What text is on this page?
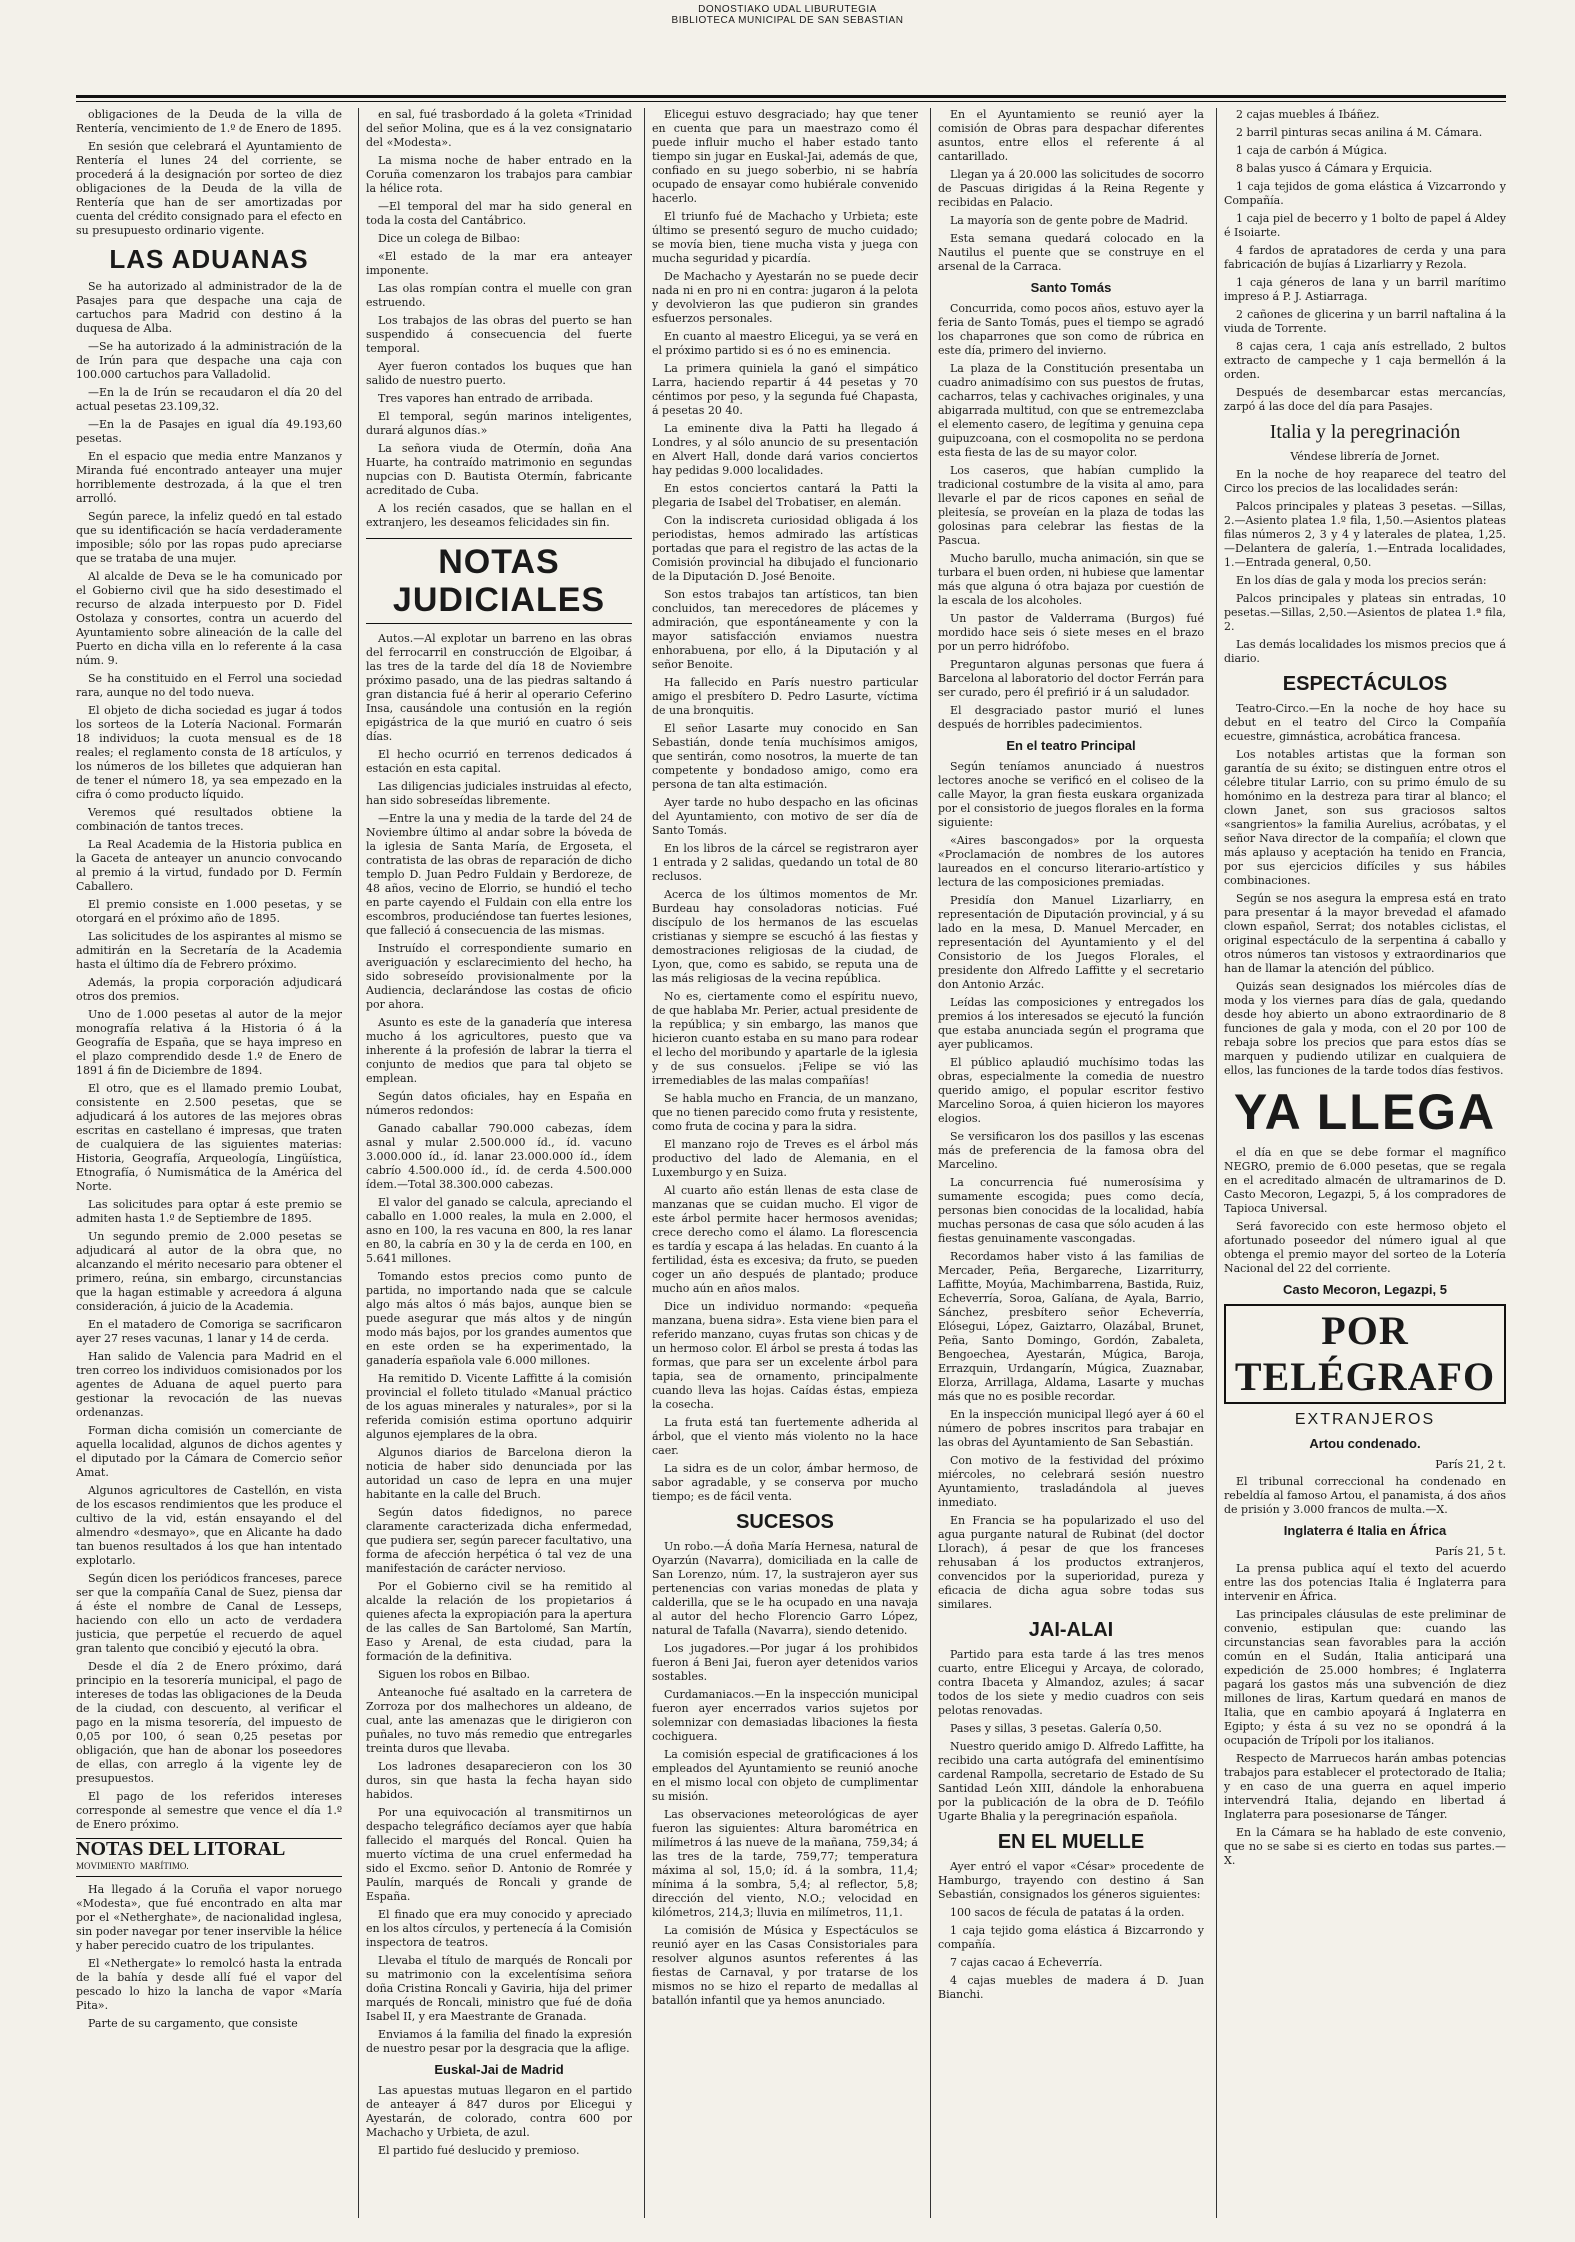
DONOSTIAKO UDAL LIBURUTEGIA
BIBLIOTECA MUNICIPAL DE SAN SEBASTIAN

obligaciones de la Deuda de la villa de Rentería, vencimiento de 1.º de Enero de 1895.

En sesión que celebrará el Ayuntamiento de Rentería el lunes 24 del corriente, se procederá á la designación por sorteo de diez obligaciones de la Deuda de la villa de Rentería que han de ser amortizadas por cuenta del crédito consignado para el efecto en su presupuesto ordinario vigente.

LAS ADUANAS

Se ha autorizado al administrador de la de Pasajes para que despache una caja de cartuchos para Madrid con destino á la duquesa de Alba.

—Se ha autorizado á la administración de la de Irún para que despache una caja con 100.000 cartuchos para Valladolid.

—En la de Irún se recaudaron el día 20 del actual pesetas 23.109,32.

—En la de Pasajes en igual día 49.193,60 pesetas.

En el espacio que media entre Manzanos y Miranda fué encontrado anteayer una mujer horriblemente destrozada, á la que el tren arrolló.

Según parece, la infeliz quedó en tal estado que su identificación se hacía verdaderamente imposible; sólo por las ropas pudo apreciarse que se trataba de una mujer.

Al alcalde de Deva se le ha comunicado por el Gobierno civil que ha sido desestimado el recurso de alzada interpuesto por D. Fidel Ostolaza y consortes, contra un acuerdo del Ayuntamiento sobre alineación de la calle del Puerto en dicha villa en lo referente á la casa núm. 9.

Se ha constituido en el Ferrol una sociedad rara, aunque no del todo nueva.

El objeto de dicha sociedad es jugar á todos los sorteos de la Lotería Nacional. Formarán 18 individuos; la cuota mensual es de 18 reales; el reglamento consta de 18 artículos, y los números de los billetes que adquieran han de tener el número 18, ya sea empezado en la cifra ó como producto líquido.

Veremos qué resultados obtiene la combinación de tantos treces.

La Real Academia de la Historia publica en la Gaceta de anteayer un anuncio convocando al premio á la virtud, fundado por D. Fermín Caballero.

El premio consiste en 1.000 pesetas, y se otorgará en el próximo año de 1895.

Las solicitudes de los aspirantes al mismo se admitirán en la Secretaría de la Academia hasta el último día de Febrero próximo.

Además, la propia corporación adjudicará otros dos premios.

Uno de 1.000 pesetas al autor de la mejor monografía relativa á la Historia ó á la Geografía de España, que se haya impreso en el plazo comprendido desde 1.º de Enero de 1891 á fin de Diciembre de 1894.

El otro, que es el llamado premio Loubat, consistente en 2.500 pesetas, que se adjudicará á los autores de las mejores obras escritas en castellano é impresas, que traten de cualquiera de las siguientes materias: Historia, Geografía, Arqueología, Lingüística, Etnografía, ó Numismática de la América del Norte.

Las solicitudes para optar á este premio se admiten hasta 1.º de Septiembre de 1895.

Un segundo premio de 2.000 pesetas se adjudicará al autor de la obra que, no alcanzando el mérito necesario para obtener el primero, reúna, sin embargo, circunstancias que la hagan estimable y acreedora á alguna consideración, á juicio de la Academia.

En el matadero de Comoriga se sacrificaron ayer 27 reses vacunas, 1 lanar y 14 de cerda.

Han salido de Valencia para Madrid en el tren correo los individuos comisionados por los agentes de Aduana de aquel puerto para gestionar la revocación de las nuevas ordenanzas.

Forman dicha comisión un comerciante de aquella localidad, algunos de dichos agentes y el diputado por la Cámara de Comercio señor Amat.

Algunos agricultores de Castellón, en vista de los escasos rendimientos que les produce el cultivo de la vid, están ensayando el del almendro «desmayo», que en Alicante ha dado tan buenos resultados á los que han intentado explotarlo.

Según dicen los periódicos franceses, parece ser que la compañía Canal de Suez, piensa dar á éste el nombre de Canal de Lesseps, haciendo con ello un acto de verdadera justicia, que perpetúe el recuerdo de aquel gran talento que concibió y ejecutó la obra.

Desde el día 2 de Enero próximo, dará principio en la tesorería municipal, el pago de intereses de todas las obligaciones de la Deuda de la ciudad, con descuento, al verificar el pago en la misma tesorería, del impuesto de 0,05 por 100, ó sean 0,25 pesetas por obligación, que han de abonar los poseedores de ellas, con arreglo á la vigente ley de presupuestos.

El pago de los referidos intereses corresponde al semestre que vence el día 1.º de Enero próximo.

NOTAS DEL LITORAL MOVIMIENTO MARÍTIMO.

Ha llegado á la Coruña el vapor noruego «Modesta», que fué encontrado en alta mar por el «Netherghate», de nacionalidad inglesa, sin poder navegar por tener inservible la hélice y haber perecido cuatro de los tripulantes.

El «Nethergate» lo remolcó hasta la entrada de la bahía y desde allí fué el vapor del pescado lo hizo la lancha de vapor «María Pita».

Parte de su cargamento, que consiste

en sal, fué trasbordado á la goleta «Trinidad del señor Molina, que es á la vez consignatario del «Modesta».

La misma noche de haber entrado en la Coruña comenzaron los trabajos para cambiar la hélice rota.

—El temporal del mar ha sido general en toda la costa del Cantábrico.

Dice un colega de Bilbao:

«El estado de la mar era anteayer imponente.

Las olas rompían contra el muelle con gran estruendo.

Los trabajos de las obras del puerto se han suspendido á consecuencia del fuerte temporal.

Ayer fueron contados los buques que han salido de nuestro puerto.

Tres vapores han entrado de arribada.

El temporal, según marinos inteligentes, durará algunos días.»

La señora viuda de Otermín, doña Ana Huarte, ha contraído matrimonio en segundas nupcias con D. Bautista Otermín, fabricante acreditado de Cuba.

A los recién casados, que se hallan en el extranjero, les deseamos felicidades sin fin.

NOTAS JUDICIALES

Autos.—Al explotar un barreno en las obras del ferrocarril en construcción de Elgoibar, á las tres de la tarde del día 18 de Noviembre próximo pasado, una de las piedras saltando á gran distancia fué á herir al operario Ceferino Insa, causándole una contusión en la región epigástrica de la que murió en cuatro ó seis días.

El hecho ocurrió en terrenos dedicados á estación en esta capital.

Las diligencias judiciales instruidas al efecto, han sido sobreseídas libremente.

—Entre la una y media de la tarde del 24 de Noviembre último al andar sobre la bóveda de la iglesia de Santa María, de Ergoseta, el contratista de las obras de reparación de dicho templo D. Juan Pedro Fuldain y Berdoreze, de 48 años, vecino de Elorrio, se hundió el techo en parte cayendo el Fuldain con ella entre los escombros, produciéndose tan fuertes lesiones, que falleció á consecuencia de las mismas.

Instruído el correspondiente sumario en averiguación y esclarecimiento del hecho, ha sido sobreseído provisionalmente por la Audiencia, declarándose las costas de oficio por ahora.

Asunto es este de la ganadería que interesa mucho á los agricultores, puesto que va inherente á la profesión de labrar la tierra el conjunto de medios que para tal objeto se emplean.

Según datos oficiales, hay en España en números redondos:

Ganado caballar 790.000 cabezas, ídem asnal y mular 2.500.000 íd., íd. vacuno 3.000.000 íd., íd. lanar 23.000.000 íd., ídem cabrío 4.500.000 íd., íd. de cerda 4.500.000 ídem.—Total 38.300.000 cabezas.

El valor del ganado se calcula, apreciando el caballo en 1.000 reales, la mula en 2.000, el asno en 100, la res vacuna en 800, la res lanar en 80, la cabría en 30 y la de cerda en 100, en 5.641 millones.

Tomando estos precios como punto de partida, no importando nada que se calcule algo más altos ó más bajos, aunque bien se puede asegurar que más altos y de ningún modo más bajos, por los grandes aumentos que en este orden se ha experimentado, la ganadería española vale 6.000 millones.

Ha remitido D. Vicente Laffitte á la comisión provincial el folleto titulado «Manual práctico de los aguas minerales y naturales», por si la referida comisión estima oportuno adquirir algunos ejemplares de la obra.

Algunos diarios de Barcelona dieron la noticia de haber sido denunciada por las autoridad un caso de lepra en una mujer habitante en la calle del Bruch.

Según datos fidedignos, no parece claramente caracterizada dicha enfermedad, que pudiera ser, según parecer facultativo, una forma de afección herpética ó tal vez de una manifestación de carácter nervioso.

Por el Gobierno civil se ha remitido al alcalde la relación de los propietarios á quienes afecta la expropiación para la apertura de las calles de San Bartolomé, San Martín, Easo y Arenal, de esta ciudad, para la formación de la definitiva.

Siguen los robos en Bilbao.

Anteanoche fué asaltado en la carretera de Zorroza por dos malhechores un aldeano, de cual, ante las amenazas que le dirigieron con puñales, no tuvo más remedio que entregarles treinta duros que llevaba.

Los ladrones desaparecieron con los 30 duros, sin que hasta la fecha hayan sido habidos.

Por una equivocación al transmitirnos un despacho telegráfico decíamos ayer que había fallecido el marqués del Roncal. Quien ha muerto víctima de una cruel enfermedad ha sido el Excmo. señor D. Antonio de Romrée y Paulín, marqués de Roncali y grande de España.

El finado que era muy conocido y apreciado en los altos círculos, y pertenecía á la Comisión inspectora de teatros.

Llevaba el título de marqués de Roncali por su matrimonio con la excelentísima señora doña Cristina Roncali y Gaviria, hija del primer marqués de Roncali, ministro que fué de doña Isabel II, y era Maestrante de Granada.

Enviamos á la familia del finado la expresión de nuestro pesar por la desgracia que la aflige.

Euskal-Jai de Madrid

Las apuestas mutuas llegaron en el partido de anteayer á 847 duros por Elicegui y Ayestarán, de colorado, contra 600 por Machacho y Urbieta, de azul.

El partido fué deslucido y premioso.

Elicegui estuvo desgraciado; hay que tener en cuenta que para un maestrazo como él puede influir mucho el haber estado tanto tiempo sin jugar en Euskal-Jai, además de que, confiado en su juego soberbio, ni se habría ocupado de ensayar como hubiérale convenido hacerlo.

El triunfo fué de Machacho y Urbieta; este último se presentó seguro de mucho cuidado; se movía bien, tiene mucha vista y juega con mucha seguridad y picardía.

De Machacho y Ayestarán no se puede decir nada ni en pro ni en contra: jugaron á la pelota y devolvieron las que pudieron sin grandes esfuerzos personales.

En cuanto al maestro Elicegui, ya se verá en el próximo partido si es ó no es eminencia.

La primera quiniela la ganó el simpático Larra, haciendo repartir á 44 pesetas y 70 céntimos por peso, y la segunda fué Chapasta, á pesetas 20 40.

La eminente diva la Patti ha llegado á Londres, y al sólo anuncio de su presentación en Alvert Hall, donde dará varios conciertos hay pedidas 9.000 localidades.

En estos conciertos cantará la Patti la plegaria de Isabel del Trobatiser, en alemán.

Con la indiscreta curiosidad obligada á los periodistas, hemos admirado las artísticas portadas que para el registro de las actas de la Comisión provincial ha dibujado el funcionario de la Diputación D. José Benoite.

Son estos trabajos tan artísticos, tan bien concluidos, tan merecedores de plácemes y admiración, que espontáneamente y con la mayor satisfacción enviamos nuestra enhorabuena, por ello, á la Diputación y al señor Benoite.

Ha fallecido en París nuestro particular amigo el presbítero D. Pedro Lasurte, víctima de una bronquitis.

El señor Lasarte muy conocido en San Sebastián, donde tenía muchísimos amigos, que sentirán, como nosotros, la muerte de tan competente y bondadoso amigo, como era persona de tan alta estimación.

Ayer tarde no hubo despacho en las oficinas del Ayuntamiento, con motivo de ser día de Santo Tomás.

En los libros de la cárcel se registraron ayer 1 entrada y 2 salidas, quedando un total de 80 reclusos.

Acerca de los últimos momentos de Mr. Burdeau hay consoladoras noticias. Fué discípulo de los hermanos de las escuelas cristianas y siempre se escuchó á las fiestas y demostraciones religiosas de la ciudad, de Lyon, que, como es sabido, se reputa una de las más religiosas de la vecina república.

No es, ciertamente como el espíritu nuevo, de que hablaba Mr. Perier, actual presidente de la república; y sin embargo, las manos que hicieron cuanto estaba en su mano para rodear el lecho del moribundo y apartarle de la iglesia y de sus consuelos. ¡Felipe se vió las irremediables de las malas compañías!

Se habla mucho en Francia, de un manzano, que no tienen parecido como fruta y resistente, como fruta de cocina y para la sidra.

El manzano rojo de Treves es el árbol más productivo del lado de Alemania, en el Luxemburgo y en Suiza.

Al cuarto año están llenas de esta clase de manzanas que se cuidan mucho. El vigor de este árbol permite hacer hermosos avenidas; crece derecho como el álamo. La florescencia es tardía y escapa á las heladas. En cuanto á la fertilidad, ésta es excesiva; da fruto, se pueden coger un año después de plantado; produce mucho aún en años malos.

Dice un individuo normando: «pequeña manzana, buena sidra». Esta viene bien para el referido manzano, cuyas frutas son chicas y de un hermoso color. El árbol se presta á todas las formas, que para ser un excelente árbol para tapia, sea de ornamento, principalmente cuando lleva las hojas. Caídas éstas, empieza la cosecha.

La fruta está tan fuertemente adherida al árbol, que el viento más violento no la hace caer.

La sidra es de un color, ámbar hermoso, de sabor agradable, y se conserva por mucho tiempo; es de fácil venta.

SUCESOS

Un robo.—Á doña María Hernesa, natural de Oyarzún (Navarra), domiciliada en la calle de San Lorenzo, núm. 17, la sustrajeron ayer sus pertenencias con varias monedas de plata y calderilla, que se le ha ocupado en una navaja al autor del hecho Florencio Garro López, natural de Tafalla (Navarra), siendo detenido.

Los jugadores.—Por jugar á los prohibidos fueron á Beni Jai, fueron ayer detenidos varios sostables.

Curdamaniacos.—En la inspección municipal fueron ayer encerrados varios sujetos por solemnizar con demasiadas libaciones la fiesta cochiguera.

La comisión especial de gratificaciones á los empleados del Ayuntamiento se reunió anoche en el mismo local con objeto de cumplimentar su misión.

Las observaciones meteorológicas de ayer fueron las siguientes: Altura barométrica en milímetros á las nueve de la mañana, 759,34; á las tres de la tarde, 759,77; temperatura máxima al sol, 15,0; íd. á la sombra, 11,4; mínima á la sombra, 5,4; al reflector, 5,8; dirección del viento, N.O.; velocidad en kilómetros, 214,3; lluvia en milímetros, 11,1.

La comisión de Música y Espectáculos se reunió ayer en las Casas Consistoriales para resolver algunos asuntos referentes á las fiestas de Carnaval, y por tratarse de los mismos no se hizo el reparto de medallas al batallón infantil que ya hemos anunciado.

En el Ayuntamiento se reunió ayer la comisión de Obras para despachar diferentes asuntos, entre ellos el referente á al cantarillado.

Llegan ya á 20.000 las solicitudes de socorro de Pascuas dirigidas á la Reina Regente y recibidas en Palacio.

La mayoría son de gente pobre de Madrid.

Esta semana quedará colocado en la Nautilus el puente que se construye en el arsenal de la Carraca.

Santo Tomás

Concurrida, como pocos años, estuvo ayer la feria de Santo Tomás, pues el tiempo se agradó los chaparrones que son como de rúbrica en este día, primero del invierno.

La plaza de la Constitución presentaba un cuadro animadísimo con sus puestos de frutas, cacharros, telas y cachivaches originales, y una abigarrada multitud, con que se entremezclaba el elemento casero, de legítima y genuina cepa guipuzcoana, con el cosmopolita no se perdona esta fiesta de las de su mayor color.

Los caseros, que habían cumplido la tradicional costumbre de la visita al amo, para llevarle el par de ricos capones en señal de pleitesía, se proveían en la plaza de todas las golosinas para celebrar las fiestas de la Pascua.

Mucho barullo, mucha animación, sin que se turbara el buen orden, ni hubiese que lamentar más que alguna ó otra bajaza por cuestión de la escala de los alcoholes.

Un pastor de Valderrama (Burgos) fué mordido hace seis ó siete meses en el brazo por un perro hidrófobo.

Preguntaron algunas personas que fuera á Barcelona al laboratorio del doctor Ferrán para ser curado, pero él prefirió ir á un saludador.

El desgraciado pastor murió el lunes después de horribles padecimientos.

En el teatro Principal

Según teníamos anunciado á nuestros lectores anoche se verificó en el coliseo de la calle Mayor, la gran fiesta euskara organizada por el consistorio de juegos florales en la forma siguiente:

«Aires bascongados» por la orquesta «Proclamación de nombres de los autores laureados en el concurso literario-artístico y lectura de las composiciones premiadas.

Presidía don Manuel Lizarliarry, en representación de Diputación provincial, y á su lado en la mesa, D. Manuel Mercader, en representación del Ayuntamiento y el del Consistorio de los Juegos Florales, el presidente don Alfredo Laffitte y el secretario don Antonio Arzác.

Leídas las composiciones y entregados los premios á los interesados se ejecutó la función que estaba anunciada según el programa que ayer publicamos.

El público aplaudió muchísimo todas las obras, especialmente la comedia de nuestro querido amigo, el popular escritor festivo Marcelino Soroa, á quien hicieron los mayores elogios.

Se versificaron los dos pasillos y las escenas más de preferencia de la famosa obra del Marcelino.

La concurrencia fué numerosísima y sumamente escogida; pues como decía, personas bien conocidas de la localidad, había muchas personas de casa que sólo acuden á las fiestas genuinamente vascongadas.

Recordamos haber visto á las familias de Mercader, Peña, Bergareche, Lizarriturry, Laffitte, Moyúa, Machimbarrena, Bastida, Ruiz, Echeverría, Soroa, Galíana, de Ayala, Barrio, Sánchez, presbítero señor Echeverría, Elósegui, López, Gaiztarro, Olazábal, Brunet, Peña, Santo Domingo, Gordón, Zabaleta, Bengoechea, Ayestarán, Múgica, Baroja, Errazquin, Urdangarín, Múgica, Zuaznabar, Elorza, Arrillaga, Aldama, Lasarte y muchas más que no es posible recordar.

En la inspección municipal llegó ayer á 60 el número de pobres inscritos para trabajar en las obras del Ayuntamiento de San Sebastián.

Con motivo de la festividad del próximo miércoles, no celebrará sesión nuestro Ayuntamiento, trasladándola al jueves inmediato.

En Francia se ha popularizado el uso del agua purgante natural de Rubinat (del doctor Llorach), á pesar de que los franceses rehusaban á los productos extranjeros, convencidos por la superioridad, pureza y eficacia de dicha agua sobre todas sus similares.

JAI-ALAI

Partido para esta tarde á las tres menos cuarto, entre Elicegui y Arcaya, de colorado, contra Ibaceta y Almandoz, azules; á sacar todos de los siete y medio cuadros con seis pelotas renovadas.

Pases y sillas, 3 pesetas. Galería 0,50.

Nuestro querido amigo D. Alfredo Laffitte, ha recibido una carta autógrafa del eminentísimo cardenal Rampolla, secretario de Estado de Su Santidad León XIII, dándole la enhorabuena por la publicación de la obra de D. Teófilo Ugarte Bhalia y la peregrinación española.

EN EL MUELLE

Ayer entró el vapor «César» procedente de Hamburgo, trayendo con destino á San Sebastián, consignados los géneros siguientes:

100 sacos de fécula de patatas á la orden.

1 caja tejido goma elástica á Bizcarrondo y compañía.

7 cajas cacao á Echeverría.

4 cajas muebles de madera á D. Juan Bianchi.

2 cajas muebles á Ibáñez.

2 barril pinturas secas anilina á M. Cámara.

1 caja de carbón á Múgica.

8 balas yusco á Cámara y Erquicia.

1 caja tejidos de goma elástica á Vizcarrondo y Compañía.

1 caja piel de becerro y 1 bolto de papel á Aldey é Isoiarte.

4 fardos de apratadores de cerda y una para fabricación de bujías á Lizarliarry y Rezola.

1 caja géneros de lana y un barril marítimo impreso á P. J. Astiarraga.

2 cañones de glicerina y un barril naftalina á la viuda de Torrente.

8 cajas cera, 1 caja anís estrellado, 2 bultos extracto de campeche y 1 caja bermellón á la orden.

Después de desembarcar estas mercancías, zarpó á las doce del día para Pasajes.

Italia y la peregrinación
Véndese librería de Jornet.

En la noche de hoy reaparece del teatro del Circo los precios de las localidades serán:

Palcos principales y plateas 3 pesetas. —Sillas, 2.—Asiento platea 1.º fila, 1,50.—Asientos plateas filas números 2, 3 y 4 y laterales de platea, 1,25.—Delantera de galería, 1.—Entrada localidades, 1.—Entrada general, 0,50.

En los días de gala y moda los precios serán:

Palcos principales y plateas sin entradas, 10 pesetas.—Sillas, 2,50.—Asientos de platea 1.ª fila, 2.

Las demás localidades los mismos precios que á diario.

ESPECTÁCULOS

Teatro-Circo.—En la noche de hoy hace su debut en el teatro del Circo la Compañía ecuestre, gimnástica, acrobática francesa.

Los notables artistas que la forman son garantía de su éxito; se distinguen entre otros el célebre titular Larrio, con su primo émulo de su homónimo en la destreza para tirar al blanco; el clown Janet, son sus graciosos saltos «sangrientos» la familia Aurelius, acróbatas, y el señor Nava director de la compañía; el clown que más aplauso y aceptación ha tenido en Francia, por sus ejercicios difíciles y sus hábiles combinaciones.

Según se nos asegura la empresa está en trato para presentar á la mayor brevedad el afamado clown español, Serrat; dos notables ciclistas, el original espectáculo de la serpentina á caballo y otros números tan vistosos y extraordinarios que han de llamar la atención del público.

Quizás sean designados los miércoles días de moda y los viernes para días de gala, quedando desde hoy abierto un abono extraordinario de 8 funciones de gala y moda, con el 20 por 100 de rebaja sobre los precios que para estos días se marquen y pudiendo utilizar en cualquiera de ellos, las funciones de la tarde todos días festivos.

YA LLEGA

el día en que se debe formar el magnífico NEGRO, premio de 6.000 pesetas, que se regala en el acreditado almacén de ultramarinos de D. Casto Mecoron, Legazpi, 5, á los compradores de Tapioca Universal.

Será favorecido con este hermoso objeto el afortunado poseedor del número igual al que obtenga el premio mayor del sorteo de la Lotería Nacional del 22 del corriente.

Casto Mecoron, Legazpi, 5
POR TELÉGRAFO
EXTRANJEROS
Artou condenado.
París 21, 2 t.

El tribunal correccional ha condenado en rebeldía al famoso Artou, el panamista, á dos años de prisión y 3.000 francos de multa.—X.

Inglaterra é Italia en África
París 21, 5 t.

La prensa publica aquí el texto del acuerdo entre las dos potencias Italia é Inglaterra para intervenir en África.

Las principales cláusulas de este preliminar de convenio, estipulan que: cuando las circunstancias sean favorables para la acción común en el Sudán, Italia anticipará una expedición de 25.000 hombres; é Inglaterra pagará los gastos más una subvención de diez millones de liras, Kartum quedará en manos de Italia, que en cambio apoyará á Inglaterra en Egipto; y ésta á su vez no se opondrá á la ocupación de Trípoli por los italianos.

Respecto de Marruecos harán ambas potencias trabajos para establecer el protectorado de Italia; y en caso de una guerra en aquel imperio intervendrá Italia, dejando en libertad á Inglaterra para posesionarse de Tánger.

En la Cámara se ha hablado de este convenio, que no se sabe si es cierto en todas sus partes.—X.
